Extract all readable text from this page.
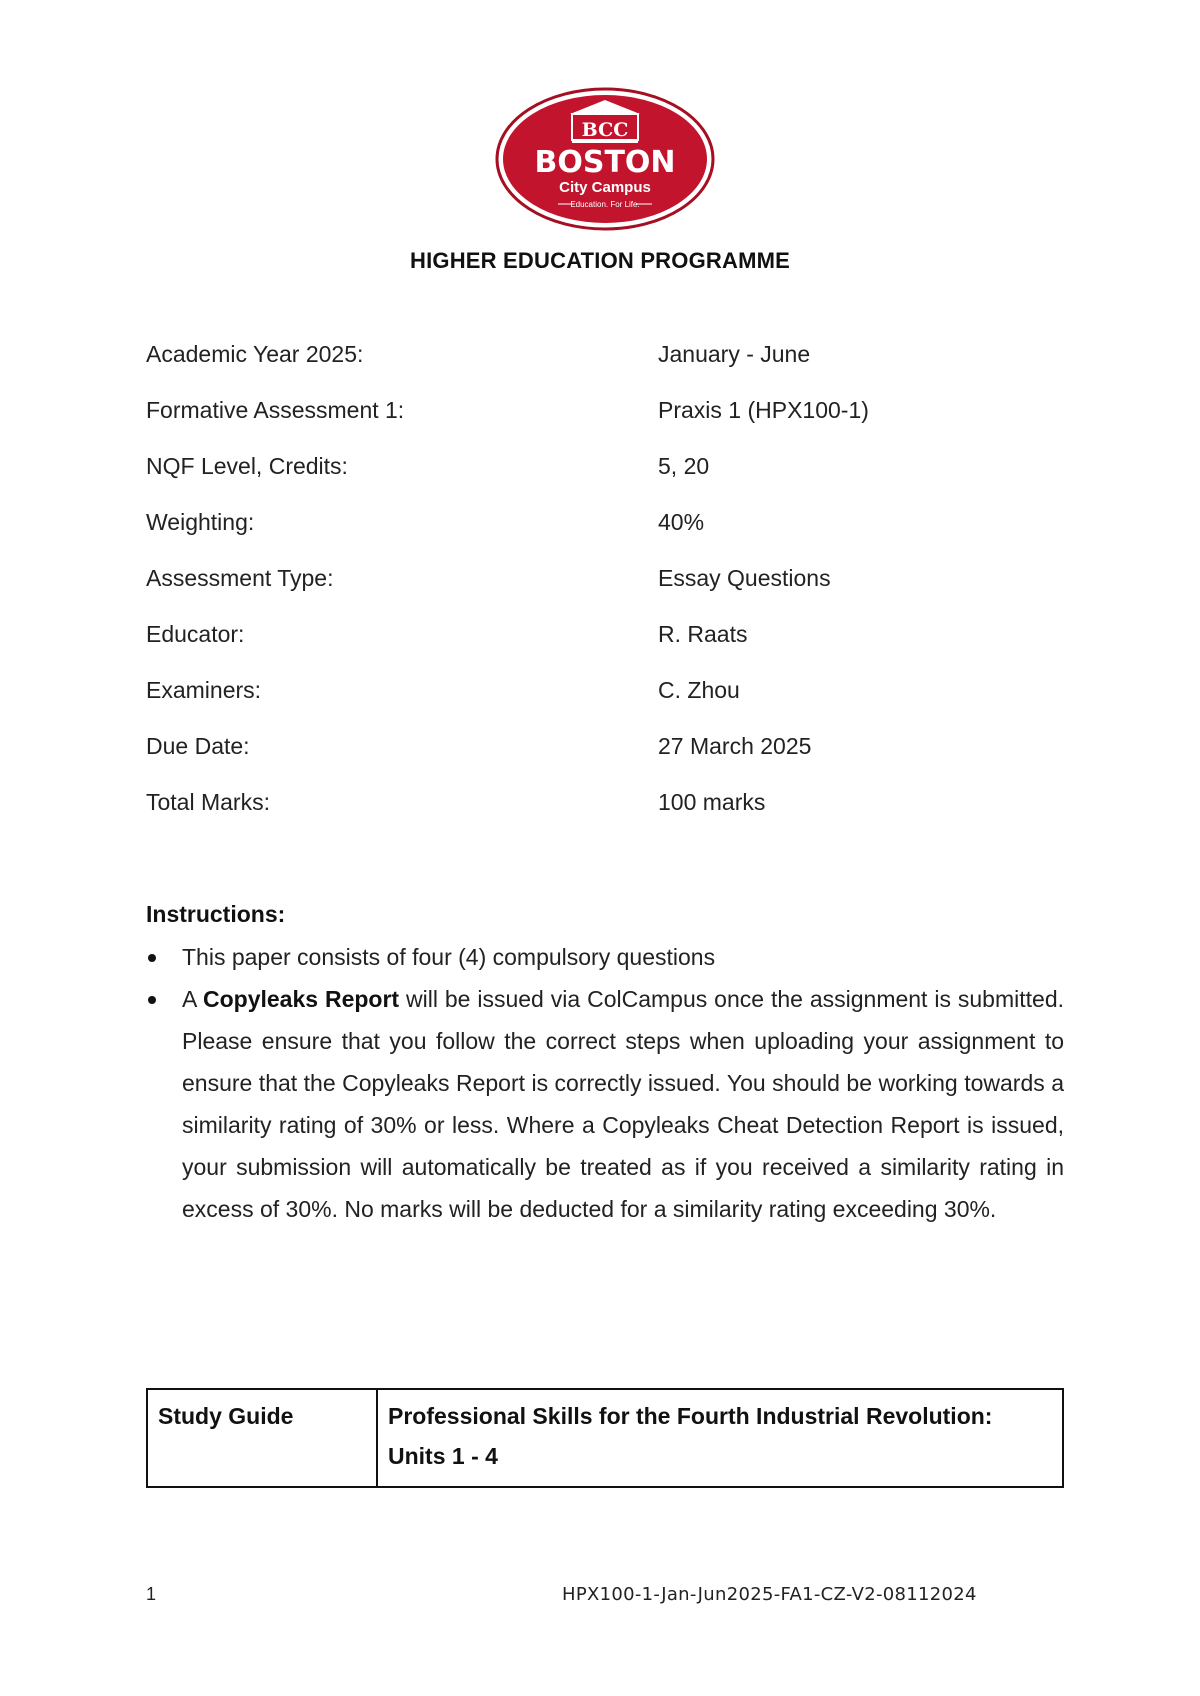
BCC
BOSTON
City Campus
Education. For Life.
HIGHER EDUCATION PROGRAMME
Academic Year 2025:	January - June
Formative Assessment 1:	Praxis 1 (HPX100-1)
NQF Level, Credits:	5, 20
Weighting:	40%
Assessment Type:	Essay Questions
Educator:	R. Raats
Examiners:	C. Zhou
Due Date:	27 March 2025
Total Marks:	100 marks
Instructions:
This paper consists of four (4) compulsory questions
A Copyleaks Report will be issued via ColCampus once the assignment is submitted. Please ensure that you follow the correct steps when uploading your assignment to ensure that the Copyleaks Report is correctly issued. You should be working towards a similarity rating of 30% or less. Where a Copyleaks Cheat Detection Report is issued, your submission will automatically be treated as if you received a similarity rating in excess of 30%. No marks will be deducted for a similarity rating exceeding 30%.
Study Guide	Professional Skills for the Fourth Industrial Revolution:
Units 1 - 4
1	HPX100-1-Jan-Jun2025-FA1-CZ-V2-08112024
